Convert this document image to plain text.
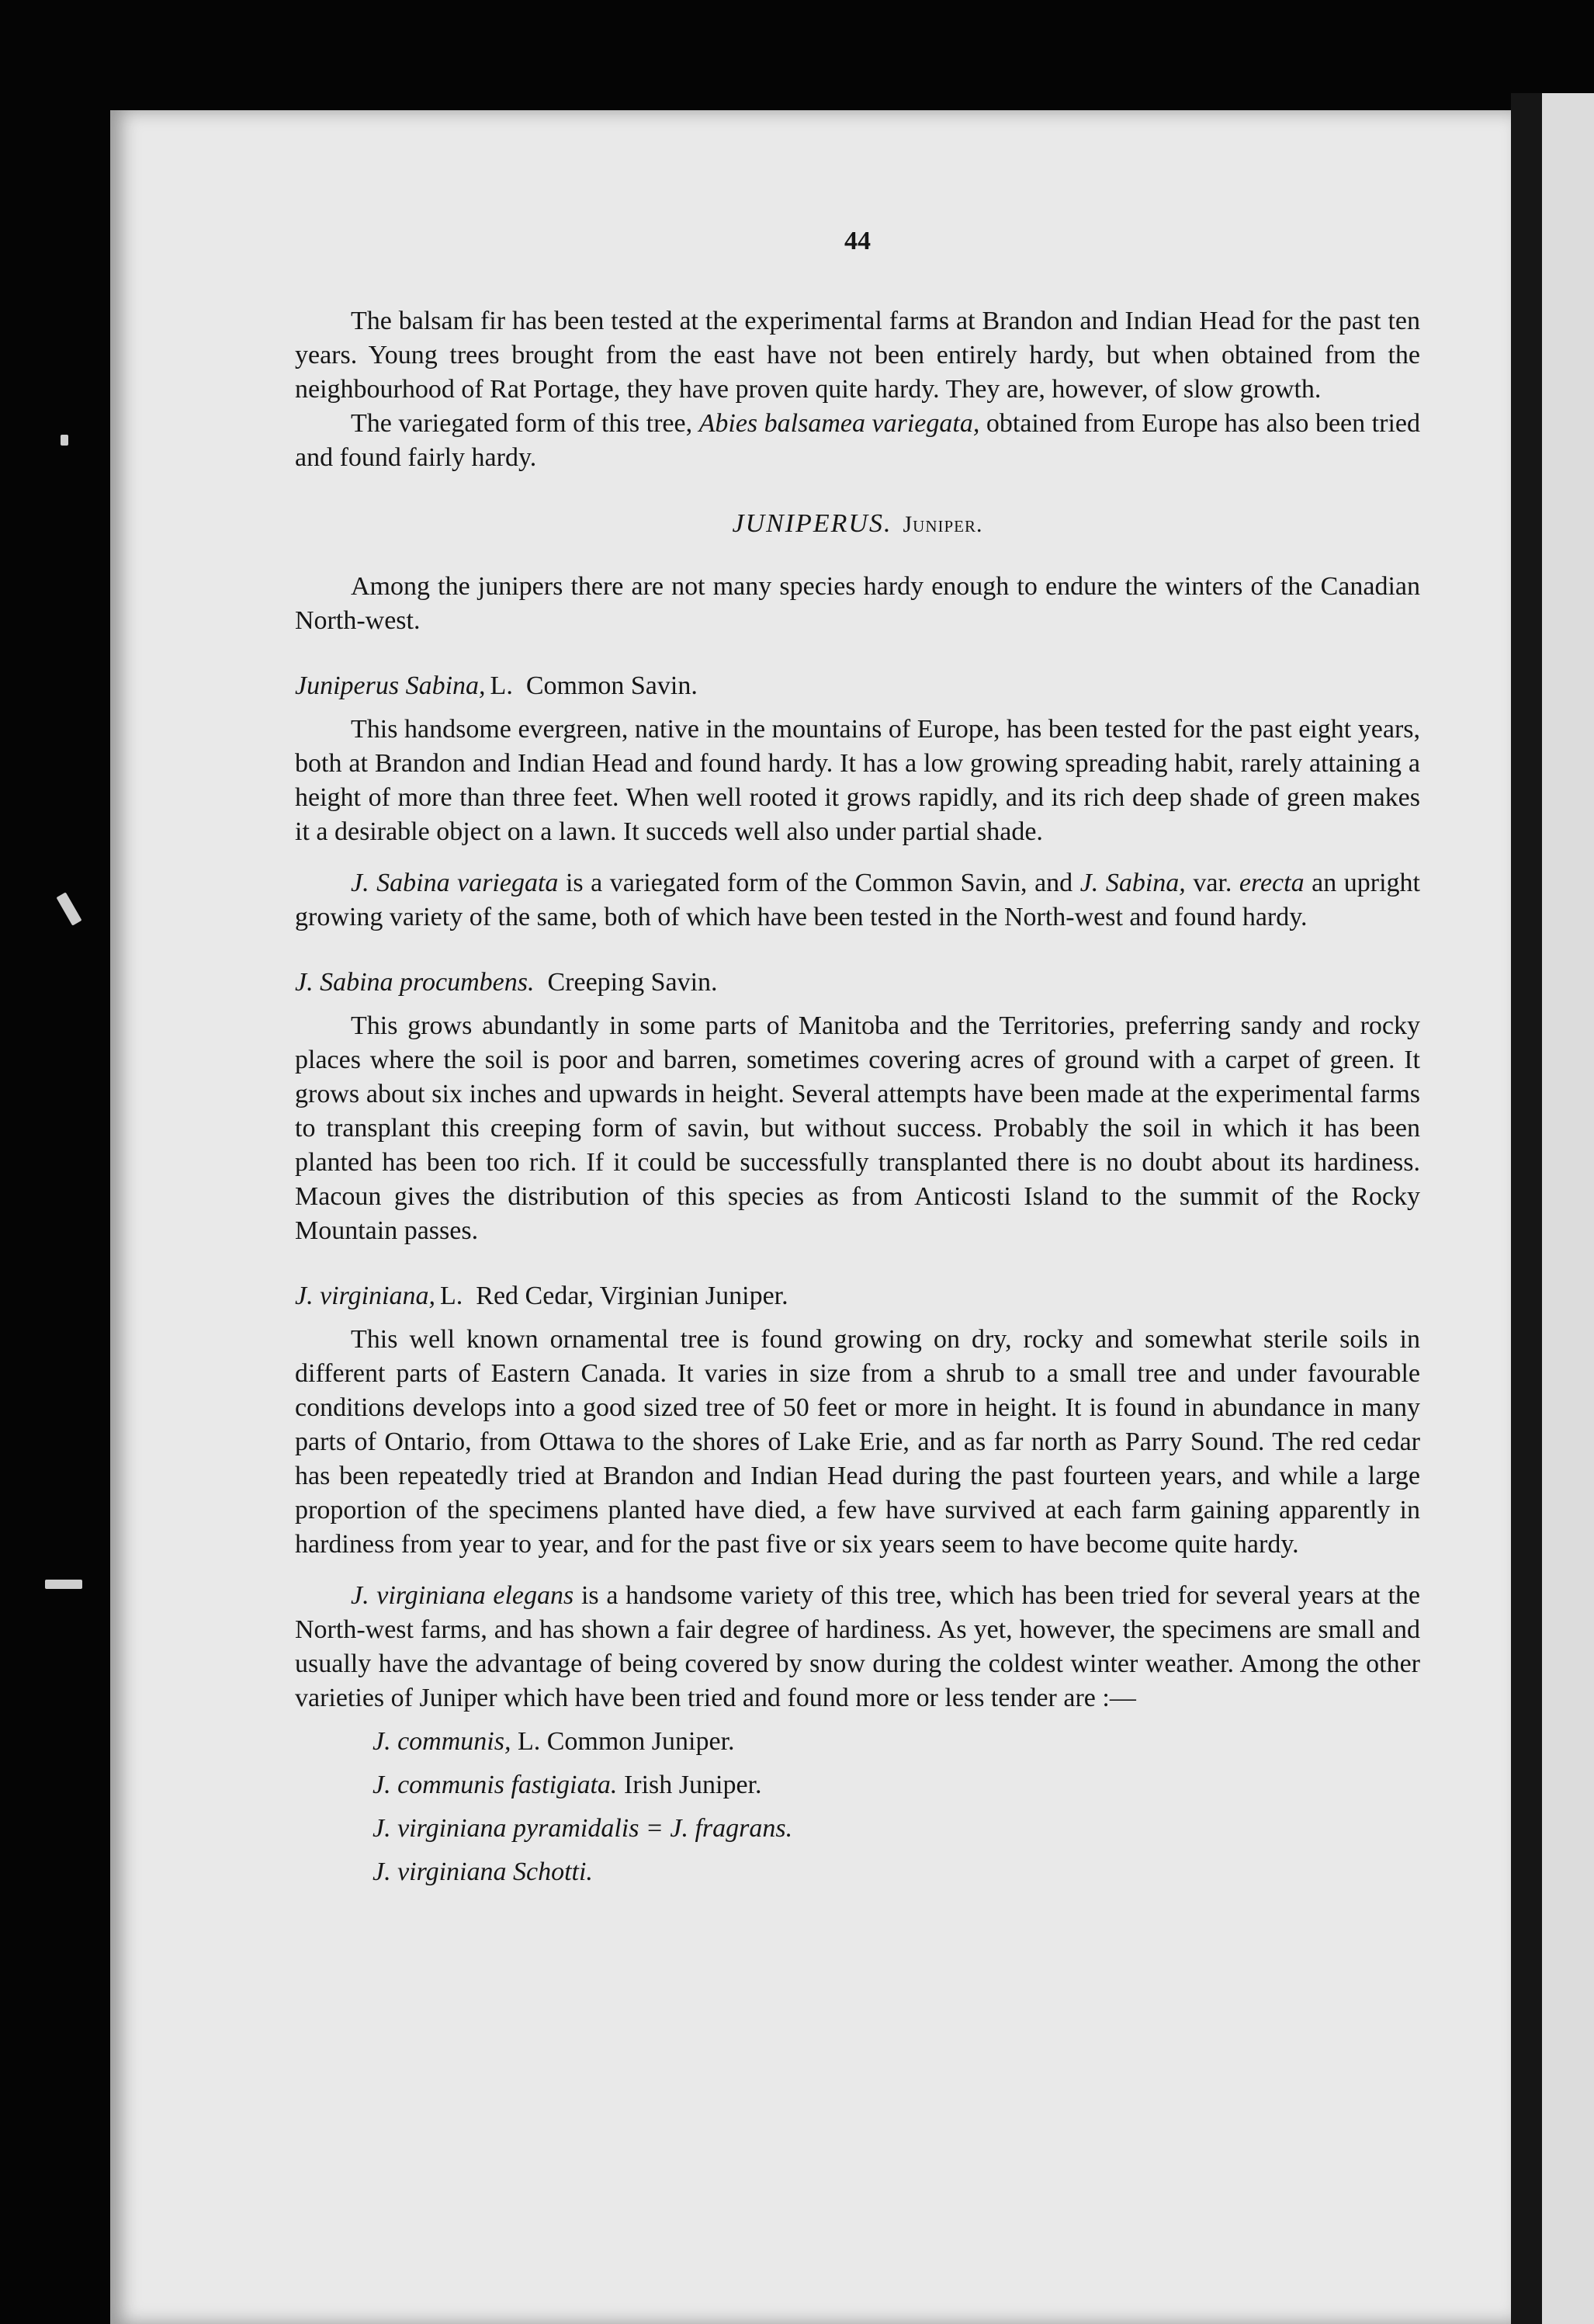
44

The balsam fir has been tested at the experimental farms at Brandon and Indian Head for the past ten years. Young trees brought from the east have not been entirely hardy, but when obtained from the neighbourhood of Rat Portage, they have proven quite hardy. They are, however, of slow growth.

The variegated form of this tree, Abies balsamea variegata, obtained from Europe has also been tried and found fairly hardy.

JUNIPERUS. Juniper.

Among the junipers there are not many species hardy enough to endure the winters of the Canadian North-west.

Juniperus Sabina, L. Common Savin.

This handsome evergreen, native in the mountains of Europe, has been tested for the past eight years, both at Brandon and Indian Head and found hardy. It has a low growing spreading habit, rarely attaining a height of more than three feet. When well rooted it grows rapidly, and its rich deep shade of green makes it a desirable object on a lawn. It succeds well also under partial shade.

J. Sabina variegata is a variegated form of the Common Savin, and J. Sabina, var. erecta an upright growing variety of the same, both of which have been tested in the North-west and found hardy.

J. Sabina procumbens. Creeping Savin.

This grows abundantly in some parts of Manitoba and the Territories, preferring sandy and rocky places where the soil is poor and barren, sometimes covering acres of ground with a carpet of green. It grows about six inches and upwards in height. Several attempts have been made at the experimental farms to transplant this creeping form of savin, but without success. Probably the soil in which it has been planted has been too rich. If it could be successfully transplanted there is no doubt about its hardiness. Macoun gives the distribution of this species as from Anticosti Island to the summit of the Rocky Mountain passes.

J. virginiana, L. Red Cedar, Virginian Juniper.

This well known ornamental tree is found growing on dry, rocky and somewhat sterile soils in different parts of Eastern Canada. It varies in size from a shrub to a small tree and under favourable conditions develops into a good sized tree of 50 feet or more in height. It is found in abundance in many parts of Ontario, from Ottawa to the shores of Lake Erie, and as far north as Parry Sound. The red cedar has been repeatedly tried at Brandon and Indian Head during the past fourteen years, and while a large proportion of the specimens planted have died, a few have survived at each farm gaining apparently in hardiness from year to year, and for the past five or six years seem to have become quite hardy.

J. virginiana elegans is a handsome variety of this tree, which has been tried for several years at the North-west farms, and has shown a fair degree of hardiness. As yet, however, the specimens are small and usually have the advantage of being covered by snow during the coldest winter weather. Among the other varieties of Juniper which have been tried and found more or less tender are :—

J. communis, L. Common Juniper.
J. communis fastigiata. Irish Juniper.
J. virginiana pyramidalis = J. fragrans.
J. virginiana Schotti.
